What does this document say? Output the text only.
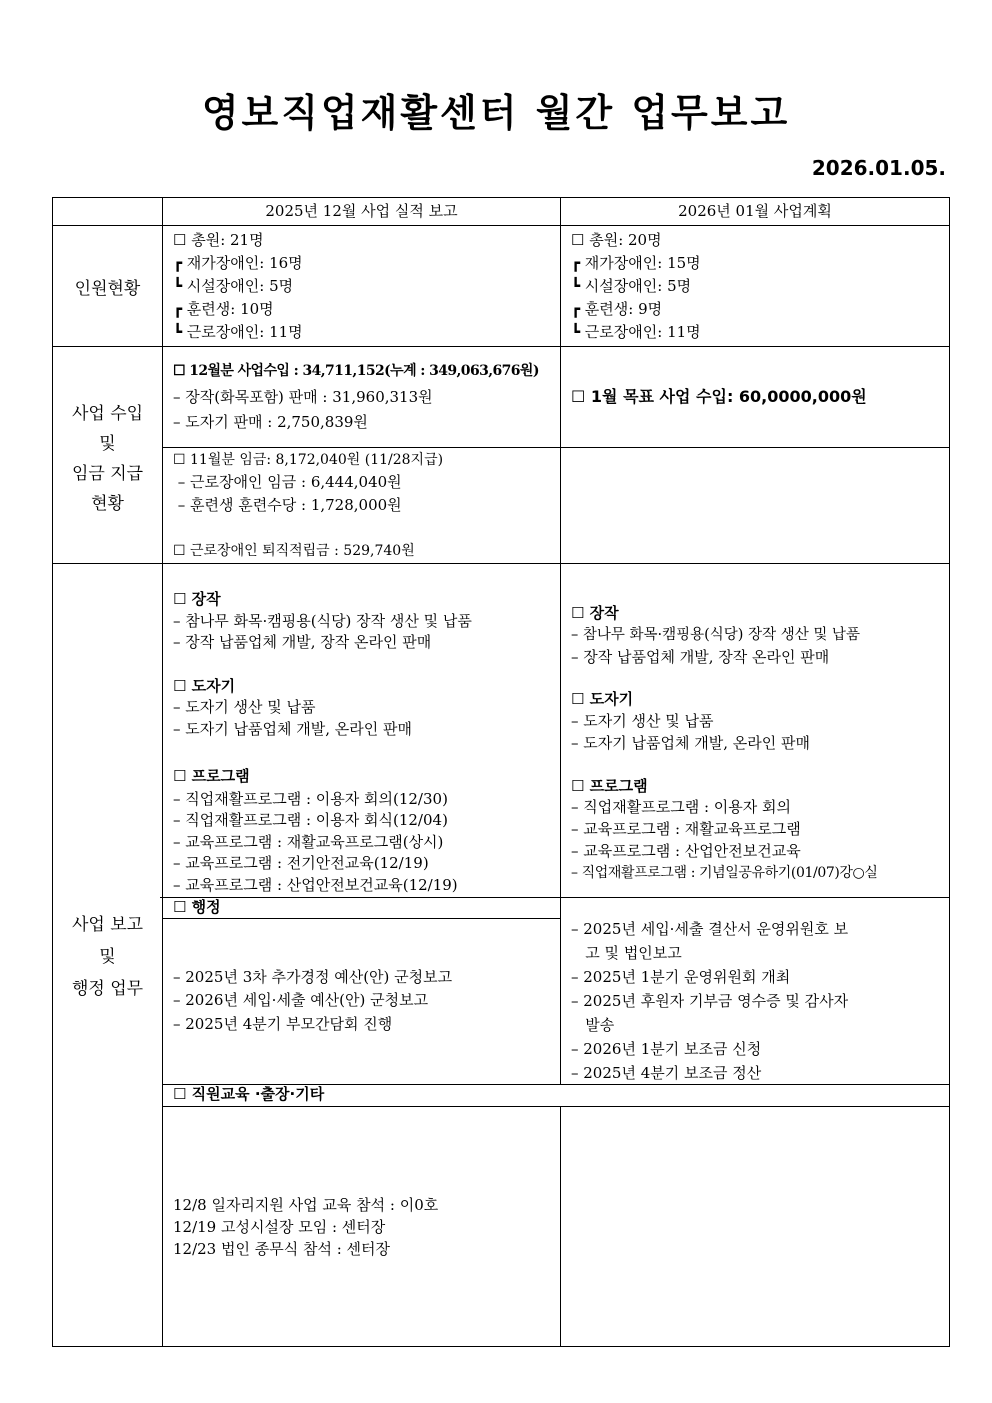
영보직업재활센터 월간 업무보고
2026.01.05.
2025년 12월 사업 실적 보고	2026년 01월 사업계획
인원현황
☐ 총원: 21명
┏ 재가장애인: 16명
┗ 시설장애인: 5명
┏ 훈련생: 10명
┗ 근로장애인: 11명
☐ 총원: 20명
┏ 재가장애인: 15명
┗ 시설장애인: 5명
┏ 훈련생: 9명
┗ 근로장애인: 11명
사업 수입
및
임금 지급
현황
☐ 12월분 사업수입 : 34,711,152(누계 : 349,063,676원)
– 장작(화목포함) 판매 : 31,960,313원
– 도자기 판매 : 2,750,839원
☐ 1월 목표 사업 수입: 60,0000,000원
☐ 11월분 임금: 8,172,040원 (11/28지급)
– 근로장애인 임금 : 6,444,040원
– 훈련생 훈련수당 : 1,728,000원
☐ 근로장애인 퇴직적립금 : 529,740원
사업 보고
및
행정 업무
☐ 장작
– 참나무 화목·캠핑용(식당) 장작 생산 및 납품
– 장작 납품업체 개발, 장작 온라인 판매
☐ 도자기
– 도자기 생산 및 납품
– 도자기 납품업체 개발, 온라인 판매
☐ 프로그램
– 직업재활프로그램 : 이용자 회의(12/30)
– 직업재활프로그램 : 이용자 회식(12/04)
– 교육프로그램 : 재활교육프로그램(상시)
– 교육프로그램 : 전기안전교육(12/19)
– 교육프로그램 : 산업안전보건교육(12/19)
☐ 장작
– 참나무 화목·캠핑용(식당) 장작 생산 및 납품
– 장작 납품업체 개발, 장작 온라인 판매
☐ 도자기
– 도자기 생산 및 납품
– 도자기 납품업체 개발, 온라인 판매
☐ 프로그램
– 직업재활프로그램 : 이용자 회의
– 교육프로그램 : 재활교육프로그램
– 교육프로그램 : 산업안전보건교육
– 직업재활프로그램 : 기념일공유하기(01/07)강○실
☐ 행정
– 2025년 3차 추가경정 예산(안) 군청보고
– 2026년 세입·세출 예산(안) 군청보고
– 2025년 4분기 부모간담회 진행
– 2025년 세입·세출 결산서 운영위원호 보
고 및 법인보고
– 2025년 1분기 운영위원회 개최
– 2025년 후원자 기부금 영수증 및 감사자
발송
– 2026년 1분기 보조금 신청
– 2025년 4분기 보조금 정산
☐ 직원교육 ·출장·기타
12/8 일자리지원 사업 교육 참석 : 이0호
12/19 고성시설장 모임 : 센터장
12/23 법인 종무식 참석 : 센터장
